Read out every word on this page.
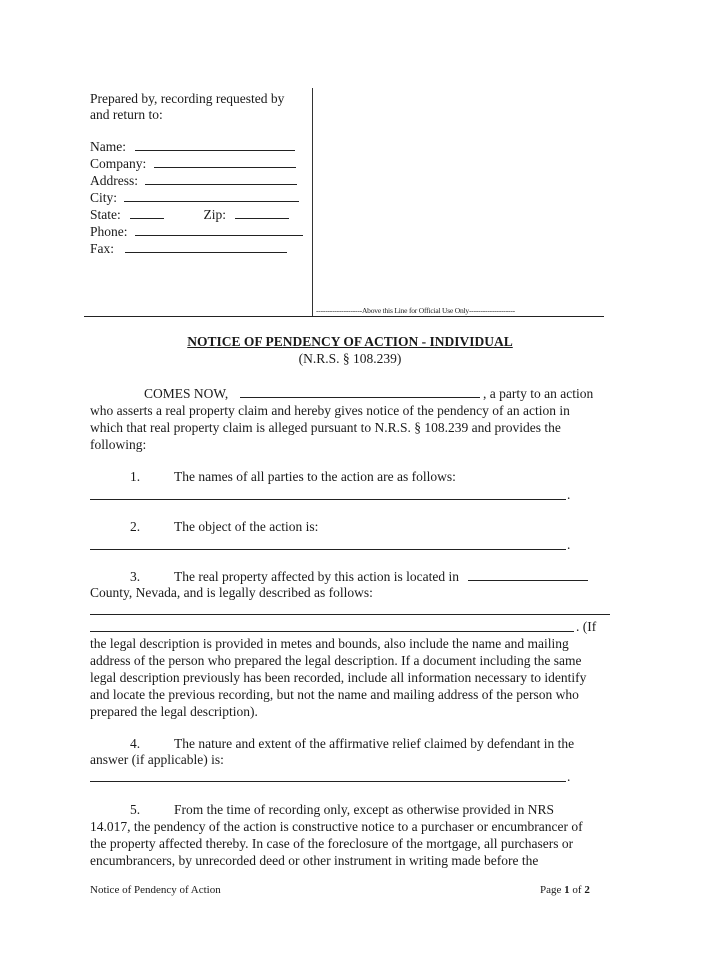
Prepared by, recording requested by
and return to:
Name:
Company:
Address:
City:
State:	Zip:
Phone:
Fax:
--------------------Above this Line for Official Use Only--------------------
NOTICE OF PENDENCY OF ACTION - INDIVIDUAL
(N.R.S. § 108.239)
COMES NOW,	, a party to an action
who asserts a real property claim and hereby gives notice of the pendency of an action in
which that real property claim is alleged pursuant to N.R.S. § 108.239 and provides the
following:
1.	The names of all parties to the action are as follows:
.
2.	The object of the action is:
.
3.	The real property affected by this action is located in
County, Nevada, and is legally described as follows:
. (If
the legal description is provided in metes and bounds, also include the name and mailing
address of the person who prepared the legal description. If a document including the same
legal description previously has been recorded, include all information necessary to identify
and locate the previous recording, but not the name and mailing address of the person who
prepared the legal description).
4.	The nature and extent of the affirmative relief claimed by defendant in the
answer (if applicable) is:
.
5.	From the time of recording only, except as otherwise provided in NRS
14.017, the pendency of the action is constructive notice to a purchaser or encumbrancer of
the property affected thereby. In case of the foreclosure of the mortgage, all purchasers or
encumbrancers, by unrecorded deed or other instrument in writing made before the
Notice of Pendency of Action	Page 1 of 2
